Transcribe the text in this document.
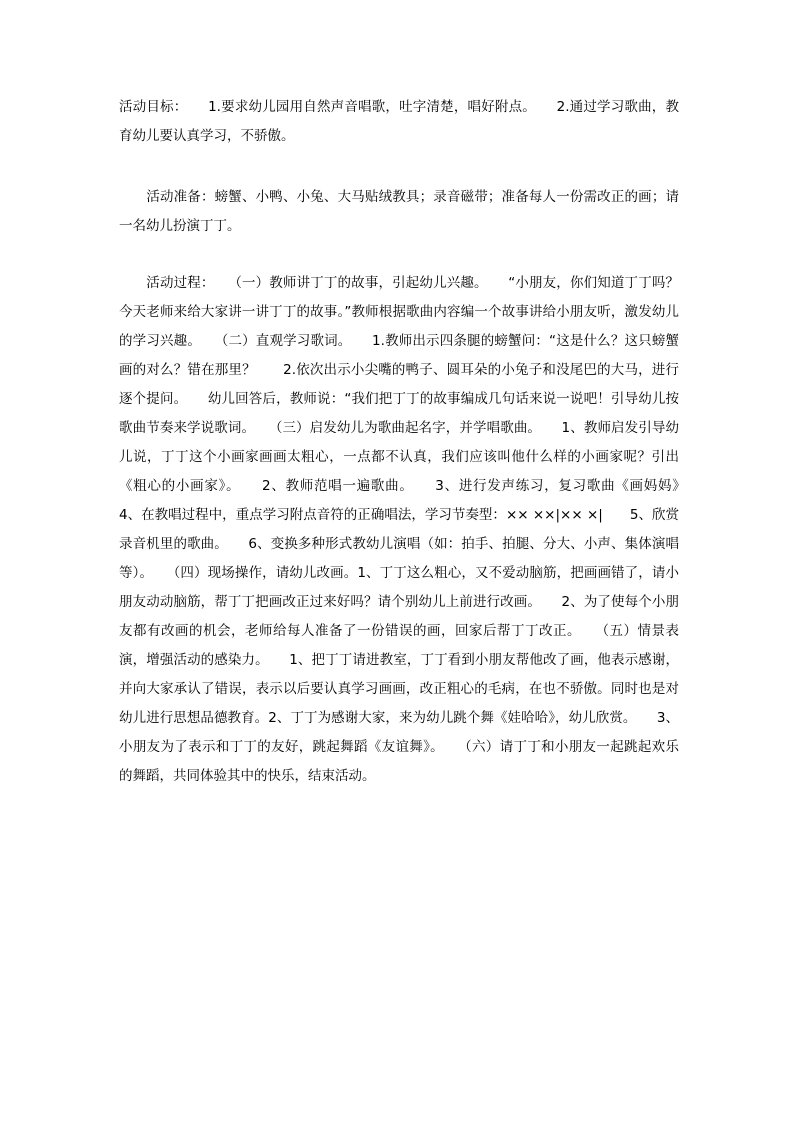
活动目标：　　1.要求幼儿园用自然声音唱歌，吐字清楚，唱好附点。　　2.通过学习歌曲，教育幼儿要认真学习，不骄傲。

　　活动准备：螃蟹、小鸭、小兔、大马贴绒教具；录音磁带；准备每人一份需改正的画；请一名幼儿扮演丁丁。

　　活动过程：　　（一）教师讲丁丁的故事，引起幼儿兴趣。　　“小朋友，你们知道丁丁吗？今天老师来给大家讲一讲丁丁的故事。”教师根据歌曲内容编一个故事讲给小朋友听，激发幼儿的学习兴趣。　　（二）直观学习歌词。　　1.教师出示四条腿的螃蟹问：“这是什么？这只螃蟹画的对么？错在那里？　　2.依次出示小尖嘴的鸭子、圆耳朵的小兔子和没尾巴的大马，进行逐个提问。　　幼儿回答后，教师说：“我们把丁丁的故事编成几句话来说一说吧！引导幼儿按歌曲节奏来学说歌词。　　（三）启发幼儿为歌曲起名字，并学唱歌曲。　　1、教师启发引导幼儿说，丁丁这个小画家画画太粗心，一点都不认真，我们应该叫他什么样的小画家呢？引出《粗心的小画家》。　　2、教师范唱一遍歌曲。　　3、进行发声练习，复习歌曲《画妈妈》　　4、在教唱过程中，重点学习附点音符的正确唱法，学习节奏型：×× ××|×× ×|　　5、欣赏录音机里的歌曲。　　6、变换多种形式教幼儿演唱（如：拍手、拍腿、分大、小声、集体演唱等）。　　（四）现场操作，请幼儿改画。1、丁丁这么粗心，又不爱动脑筋，把画画错了，请小朋友动动脑筋，帮丁丁把画改正过来好吗？请个别幼儿上前进行改画。　　2、为了使每个小朋友都有改画的机会，老师给每人准备了一份错误的画，回家后帮丁丁改正。　　（五）情景表演，增强活动的感染力。　　1、把丁丁请进教室，丁丁看到小朋友帮他改了画，他表示感谢，并向大家承认了错误，表示以后要认真学习画画，改正粗心的毛病，在也不骄傲。同时也是对幼儿进行思想品德教育。2、丁丁为感谢大家，来为幼儿跳个舞《娃哈哈》，幼儿欣赏。　　3、小朋友为了表示和丁丁的友好，跳起舞蹈《友谊舞》。　　（六）请丁丁和小朋友一起跳起欢乐的舞蹈，共同体验其中的快乐，结束活动。
